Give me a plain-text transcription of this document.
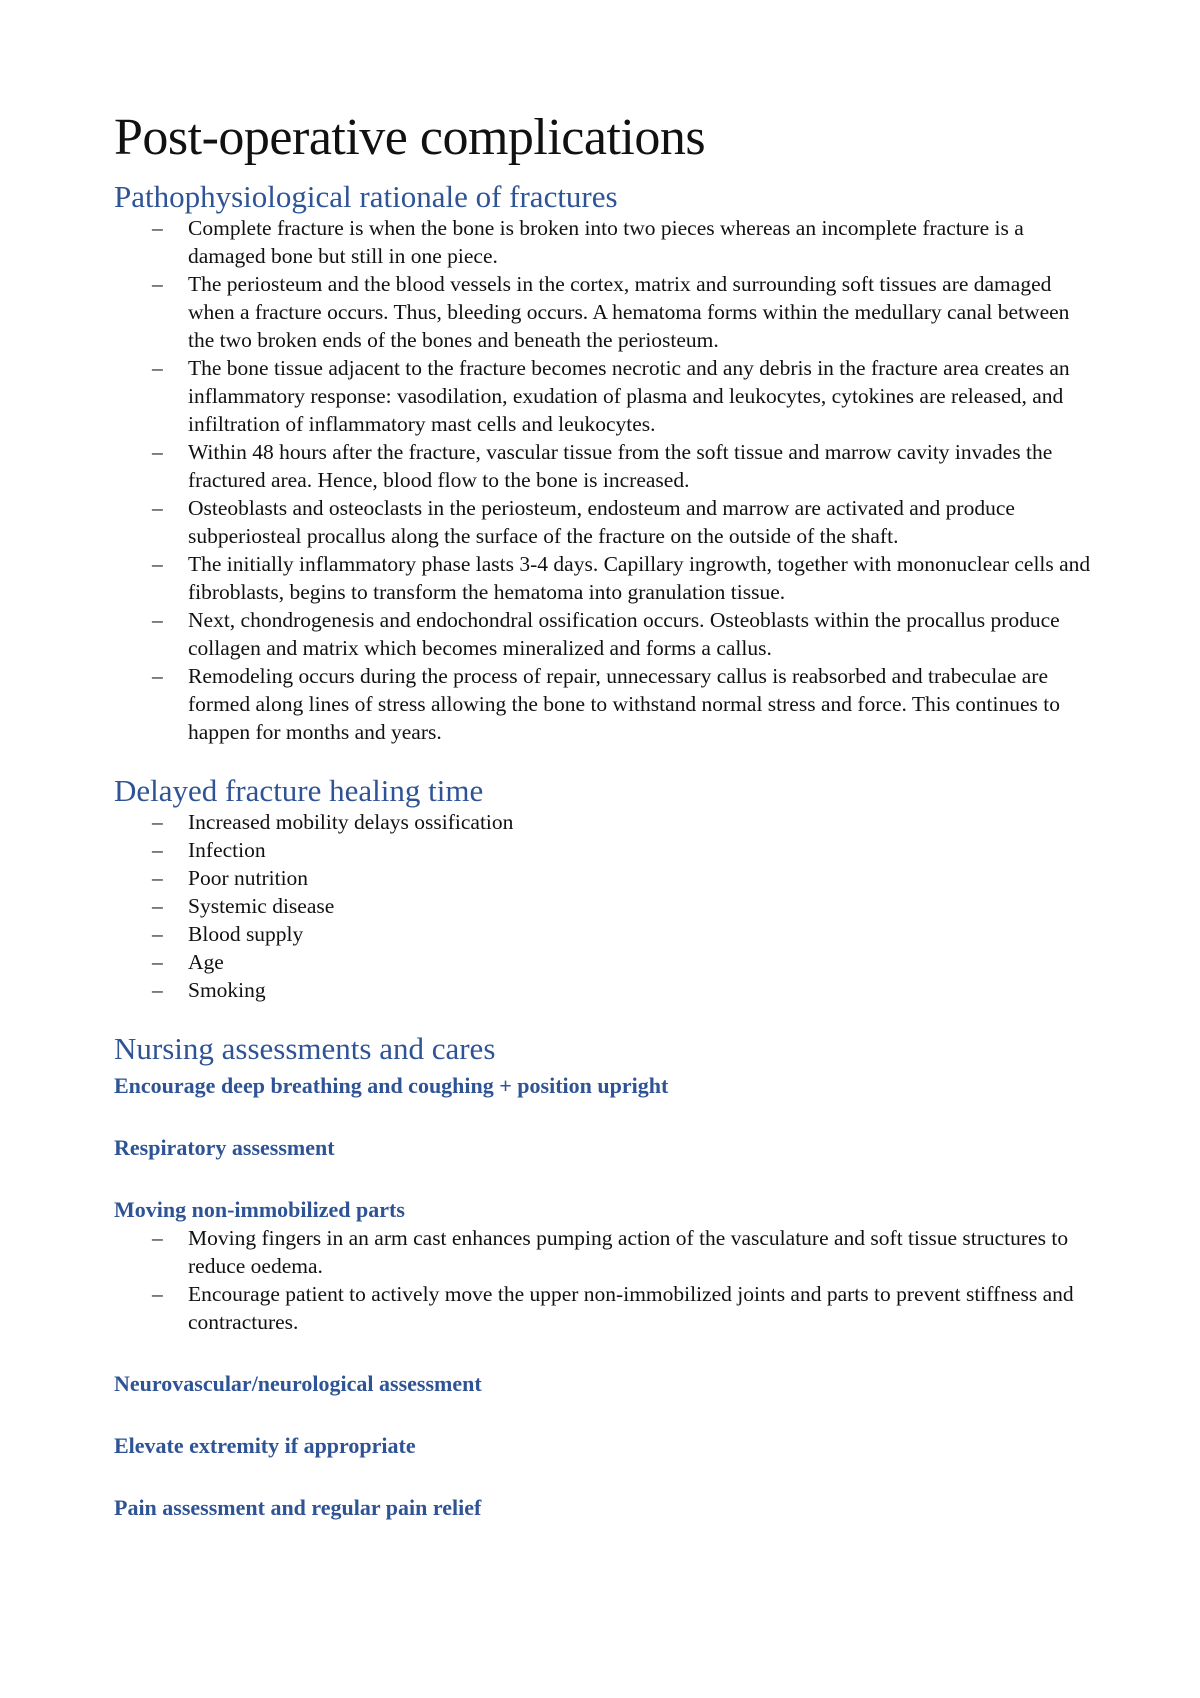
Post-operative complications
Pathophysiological rationale of fractures
– Complete fracture is when the bone is broken into two pieces whereas an incomplete fracture is a damaged bone but still in one piece.
– The periosteum and the blood vessels in the cortex, matrix and surrounding soft tissues are damaged when a fracture occurs. Thus, bleeding occurs. A hematoma forms within the medullary canal between the two broken ends of the bones and beneath the periosteum.
– The bone tissue adjacent to the fracture becomes necrotic and any debris in the fracture area creates an inflammatory response: vasodilation, exudation of plasma and leukocytes, cytokines are released, and infiltration of inflammatory mast cells and leukocytes.
– Within 48 hours after the fracture, vascular tissue from the soft tissue and marrow cavity invades the fractured area. Hence, blood flow to the bone is increased.
– Osteoblasts and osteoclasts in the periosteum, endosteum and marrow are activated and produce subperiosteal procallus along the surface of the fracture on the outside of the shaft.
– The initially inflammatory phase lasts 3-4 days. Capillary ingrowth, together with mononuclear cells and fibroblasts, begins to transform the hematoma into granulation tissue.
– Next, chondrogenesis and endochondral ossification occurs. Osteoblasts within the procallus produce collagen and matrix which becomes mineralized and forms a callus.
– Remodeling occurs during the process of repair, unnecessary callus is reabsorbed and trabeculae are formed along lines of stress allowing the bone to withstand normal stress and force. This continues to happen for months and years.
Delayed fracture healing time
– Increased mobility delays ossification
– Infection
– Poor nutrition
– Systemic disease
– Blood supply
– Age
– Smoking
Nursing assessments and cares
Encourage deep breathing and coughing + position upright
Respiratory assessment
Moving non-immobilized parts
– Moving fingers in an arm cast enhances pumping action of the vasculature and soft tissue structures to reduce oedema.
– Encourage patient to actively move the upper non-immobilized joints and parts to prevent stiffness and contractures.
Neurovascular/neurological assessment
Elevate extremity if appropriate
Pain assessment and regular pain relief
